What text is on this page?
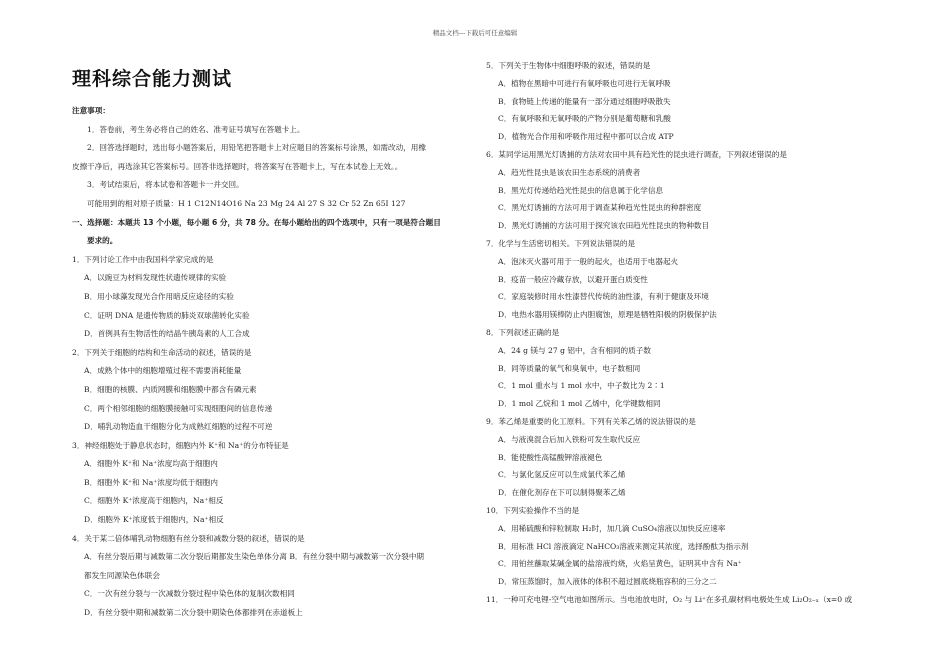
精品文档---下载后可任意编辑
理科综合能力测试
注意事项：
1．答卷前，考生务必将自己的姓名、准考证号填写在答题卡上。
2．回答选择题时，选出每小题答案后，用铅笔把答题卡上对应题目的答案标号涂黑，如需改动，用橡
皮擦干净后，再选涂其它答案标号。回答非选择题时，将答案写在答题卡上，写在本试卷上无效。。
3．考试结束后，将本试卷和答题卡一并交回。
可能用到的相对原子质量：H 1 C12N14O16 Na 23 Mg 24 Al 27 S 32 Cr 52 Zn 65I 127
一、选择题：本题共 13 个小题，每小题 6 分，共 78 分。在每小题给出的四个选项中，只有一项是符合题目
要求的。
1．下列讨论工作中由我国科学家完成的是
A．以豌豆为材料发现性状遗传规律的实验
B．用小球藻发现光合作用暗反应途径的实验
C．证明 DNA 是遗传物质的肺炎双球菌转化实验
D．首例具有生物活性的结晶牛胰岛素的人工合成
2．下列关于细胞的结构和生命活动的叙述，错误的是
A．成熟个体中的细胞增殖过程不需要消耗能量
B．细胞的核膜、内质网膜和细胞膜中都含有磷元素
C．两个相邻细胞的细胞膜接触可实现细胞间的信息传递
D．哺乳动物造血干细胞分化为成熟红细胞的过程不可逆
3．神经细胞处于静息状态时，细胞内外 K⁺和 Na⁺的分布特征是
A．细胞外 K⁺和 Na⁺浓度均高于细胞内
B．细胞外 K⁺和 Na⁺浓度均低于细胞内
C．细胞外 K⁺浓度高于细胞内，Na⁺相反
D．细胞外 K⁺浓度低于细胞内，Na⁺相反
4．关于某二倍体哺乳动物细胞有丝分裂和减数分裂的叙述，错误的是
A．有丝分裂后期与减数第二次分裂后期都发生染色单体分离 B．有丝分裂中期与减数第一次分裂中期
都发生同源染色体联会
C．一次有丝分裂与一次减数分裂过程中染色体的复制次数相同
D．有丝分裂中期和减数第二次分裂中期染色体都排列在赤道板上
5．下列关于生物体中细胞呼吸的叙述，错误的是
A．植物在黑暗中可进行有氧呼吸也可进行无氧呼吸
B．食物链上传递的能量有一部分通过细胞呼吸散失
C．有氧呼吸和无氧呼吸的产物分别是葡萄糖和乳酸
D．植物光合作用和呼吸作用过程中都可以合成 ATP
6．某同学运用黑光灯诱捕的方法对农田中具有趋光性的昆虫进行调查，下列叙述错误的是
A．趋光性昆虫是该农田生态系统的消费者
B．黑光灯传递给趋光性昆虫的信息属于化学信息
C．黑光灯诱捕的方法可用于调查某种趋光性昆虫的种群密度
D．黑光灯诱捕的方法可用于探究该农田趋光性昆虫的物种数目
7．化学与生活密切相关。下列说法错误的是
A．泡沫灭火器可用于一般的起火，也适用于电器起火
B．疫苗一般应冷藏存放，以避开蛋白质变性
C．家庭装修时用水性漆替代传统的油性漆，有利于健康及环境
D．电热水器用镁棒防止内胆腐蚀，原理是牺牲阳极的阴极保护法
8．下列叙述正确的是
A．24 g 镁与 27 g 铝中，含有相同的质子数
B．同等质量的氧气和臭氧中，电子数相同
C．1 mol 重水与 1 mol 水中，中子数比为 2∶1
D．1 mol 乙烷和 1 mol 乙烯中，化学键数相同
9．苯乙烯是重要的化工原料。下列有关苯乙烯的说法错误的是
A．与液溴混合后加入铁粉可发生取代反应
B．能使酸性高锰酸钾溶液褪色
C．与氯化氢反应可以生成氯代苯乙烯
D．在催化剂存在下可以制得聚苯乙烯
10．下列实验操作不当的是
A．用稀硫酸和锌粒制取 H₂时，加几滴 CuSO₄溶液以加快反应速率
B．用标准 HCl 溶液滴定 NaHCO₃溶液来测定其浓度，选择酚酞为指示剂
C．用铂丝蘸取某碱金属的盐溶液灼烧，火焰呈黄色，证明其中含有 Na⁺
D．常压蒸馏时，加入液体的体积不超过圆底烧瓶容积的三分之二
11．一种可充电锂-空气电池如图所示。当电池放电时，O₂ 与 Li⁺在多孔碳材料电极处生成 Li₂O₂₋ₓ（x=0 或
